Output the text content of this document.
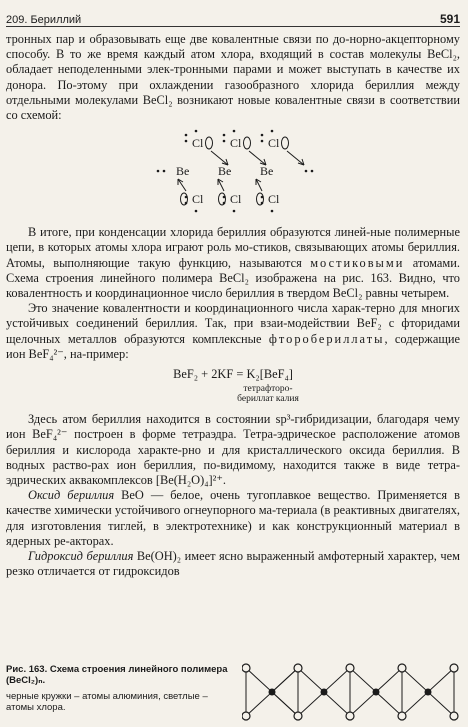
209. Бериллий	591

тронных пар и образовывать еще две ковалентные связи по до-норно-акцепторному способу. В то же время каждый атом хлора, входящий в состав молекулы BeCl₂, обладает неподеленными элек-тронными парами и может выступать в качестве их донора. По-этому при охлаждении газообразного хлорида бериллия между отдельными молекулами BeCl₂ возникают новые ковалентные связи в соответствии со схемой:

Cl Cl Cl
Be Be Be
Cl Cl Cl

В итоге, при конденсации хлорида бериллия образуются линей-ные полимерные цепи, в которых атомы хлора играют роль мо-стиков, связывающих атомы бериллия. Атомы, выполняющие такую функцию, называются мостиковыми атомами. Схема строения линейного полимера BeCl₂ изображена на рис. 163. Видно, что ковалентность и координационное число бериллия в твердом BeCl₂ равны четырем.

Это значение ковалентности и координационного числа харак-терно для многих устойчивых соединений бериллия. Так, при взаи-модействии BeF₂ с фторидами щелочных металлов образуются комплексные фторобериллаты, содержащие ион BeF₄²⁻, на-пример:

BeF₂ + 2KF = K₂[BeF₄]
тетрафторо-
бериллат калия

Здесь атом бериллия находится в состоянии sp³-гибридизации, благодаря чему ион BeF₄²⁻ построен в форме тетраэдра. Тетра-эдрическое расположение атомов бериллия и кислорода характе-рно и для кристаллического оксида бериллия. В водных раство-рах ион бериллия, по-видимому, находится также в виде тетра-эдрических аквакомплексов [Be(H₂O)₄]²⁺.

Оксид бериллия BeO — белое, очень тугоплавкое вещество. Применяется в качестве химически устойчивого огнеупорного ма-териала (в реактивных двигателях, для изготовления тиглей, в электротехнике) и как конструкционный материал в ядерных ре-акторах.

Гидроксид бериллия Be(OH)₂ имеет ясно выраженный амфотерный характер, чем резко отличается от гидроксидов

Рис. 163. Схема строения линейного полимера (BeCl₂)ₙ.
черные кружки – атомы алюминия, светлые – атомы хлора.
